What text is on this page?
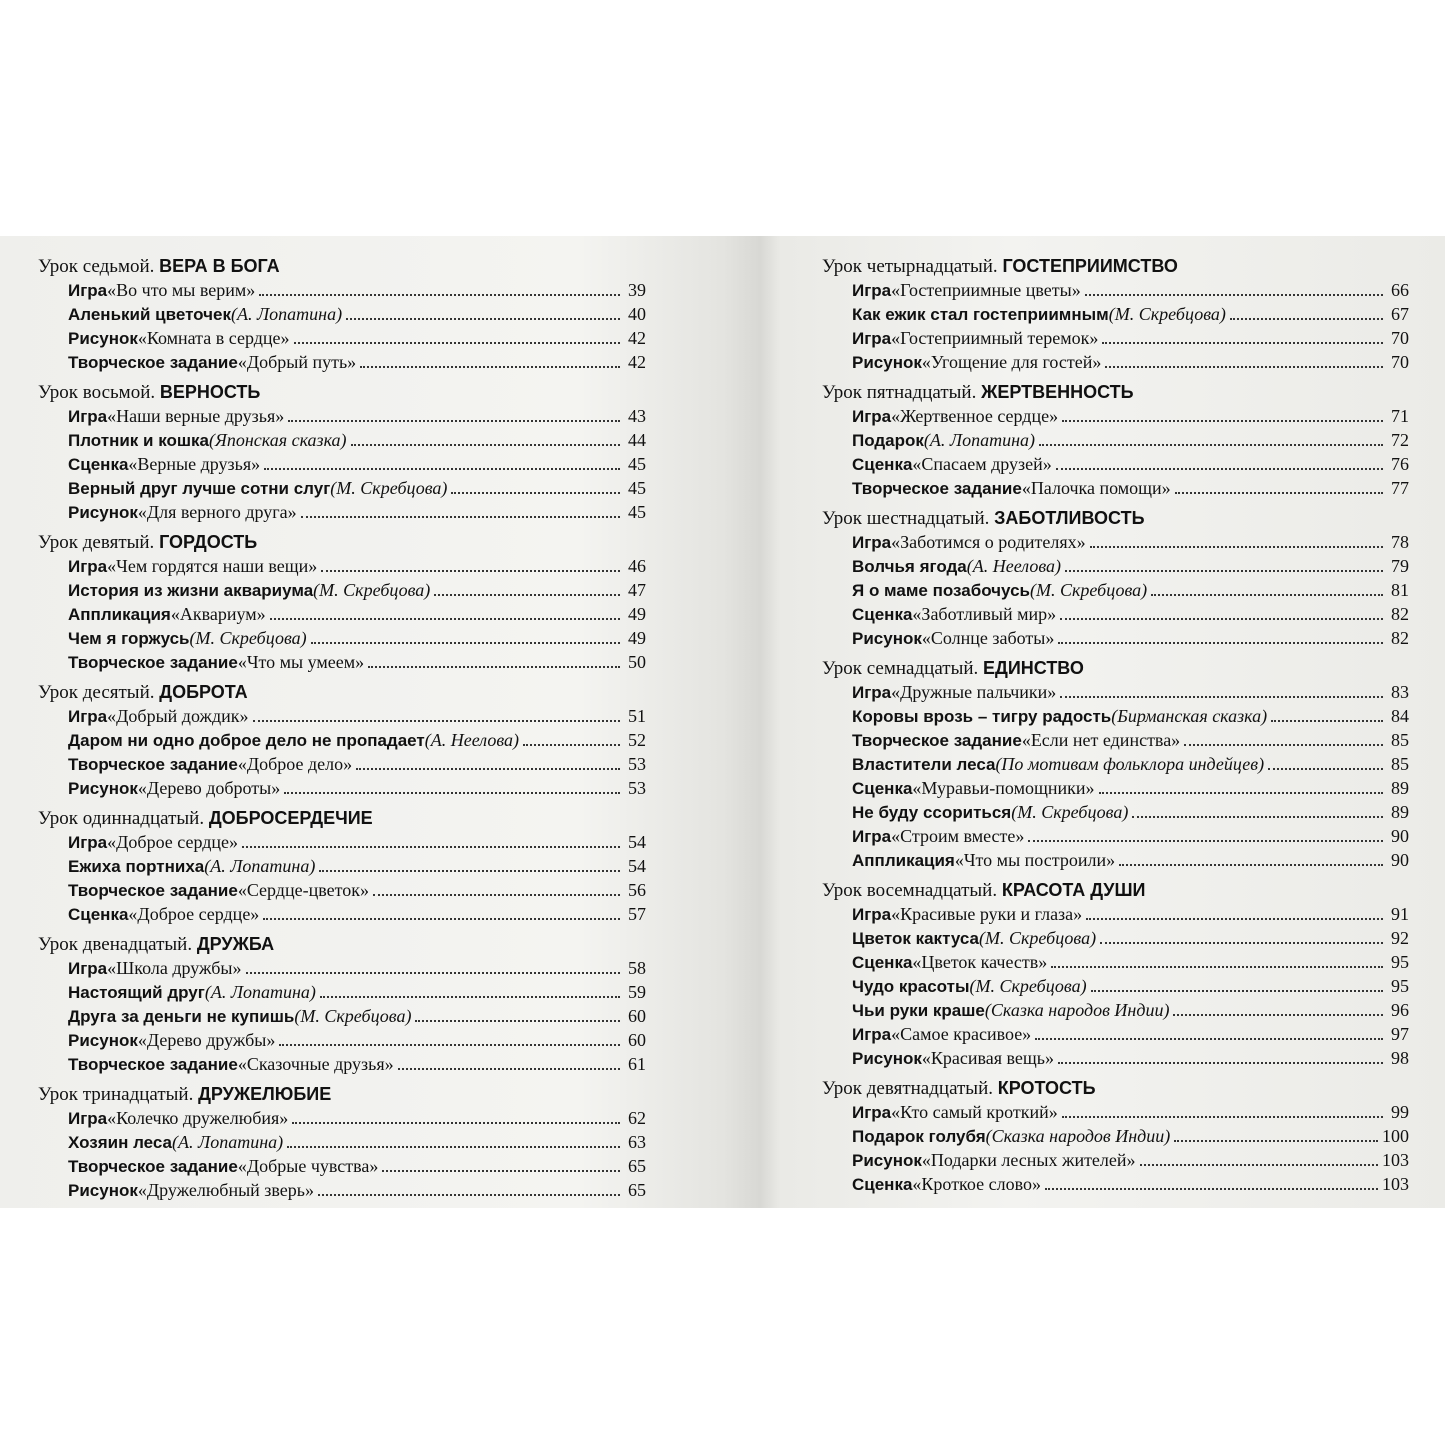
Урок седьмой. ВЕРА В БОГА
Игра «Во что мы верим»	39
Аленький цветочек (А. Лопатина)	40
Рисунок «Комната в сердце»	42
Творческое задание «Добрый путь»	42
Урок восьмой. ВЕРНОСТЬ
Игра «Наши верные друзья»	43
Плотник и кошка (Японская сказка)	44
Сценка «Верные друзья»	45
Верный друг лучше сотни слуг (М. Скребцова)	45
Рисунок «Для верного друга»	45
Урок девятый. ГОРДОСТЬ
Игра «Чем гордятся наши вещи»	46
История из жизни аквариума (М. Скребцова)	47
Аппликация «Аквариум»	49
Чем я горжусь (М. Скребцова)	49
Творческое задание «Что мы умеем»	50
Урок десятый. ДОБРОТА
Игра «Добрый дождик»	51
Даром ни одно доброе дело не пропадает (А. Неелова)	52
Творческое задание «Доброе дело»	53
Рисунок «Дерево доброты»	53
Урок одиннадцатый. ДОБРОСЕРДЕЧИЕ
Игра «Доброе сердце»	54
Ежиха портниха (А. Лопатина)	54
Творческое задание «Сердце-цветок»	56
Сценка «Доброе сердце»	57
Урок двенадцатый. ДРУЖБА
Игра «Школа дружбы»	58
Настоящий друг (А. Лопатина)	59
Друга за деньги не купишь (М. Скребцова)	60
Рисунок «Дерево дружбы»	60
Творческое задание «Сказочные друзья»	61
Урок тринадцатый. ДРУЖЕЛЮБИЕ
Игра «Колечко дружелюбия»	62
Хозяин леса (А. Лопатина)	63
Творческое задание «Добрые чувства»	65
Рисунок «Дружелюбный зверь»	65
Урок четырнадцатый. ГОСТЕПРИИМСТВО
Игра «Гостеприимные цветы»	66
Как ежик стал гостеприимным (М. Скребцова)	67
Игра «Гостеприимный теремок»	70
Рисунок «Угощение для гостей»	70
Урок пятнадцатый. ЖЕРТВЕННОСТЬ
Игра «Жертвенное сердце»	71
Подарок (А. Лопатина)	72
Сценка «Спасаем друзей»	76
Творческое задание «Палочка помощи»	77
Урок шестнадцатый. ЗАБОТЛИВОСТЬ
Игра «Заботимся о родителях»	78
Волчья ягода (А. Неелова)	79
Я о маме позабочусь (М. Скребцова)	81
Сценка «Заботливый мир»	82
Рисунок «Солнце заботы»	82
Урок семнадцатый. ЕДИНСТВО
Игра «Дружные пальчики»	83
Коровы врозь – тигру радость (Бирманская сказка)	84
Творческое задание «Если нет единства»	85
Властители леса (По мотивам фольклора индейцев)	85
Сценка «Муравьи-помощники»	89
Не буду ссориться (М. Скребцова)	89
Игра «Строим вместе»	90
Аппликация «Что мы построили»	90
Урок восемнадцатый. КРАСОТА ДУШИ
Игра «Красивые руки и глаза»	91
Цветок кактуса (М. Скребцова)	92
Сценка «Цветок качеств»	95
Чудо красоты (М. Скребцова)	95
Чьи руки краше (Сказка народов Индии)	96
Игра «Самое красивое»	97
Рисунок «Красивая вещь»	98
Урок девятнадцатый. КРОТОСТЬ
Игра «Кто самый кроткий»	99
Подарок голубя (Сказка народов Индии)	100
Рисунок «Подарки лесных жителей»	103
Сценка «Кроткое слово»	103
